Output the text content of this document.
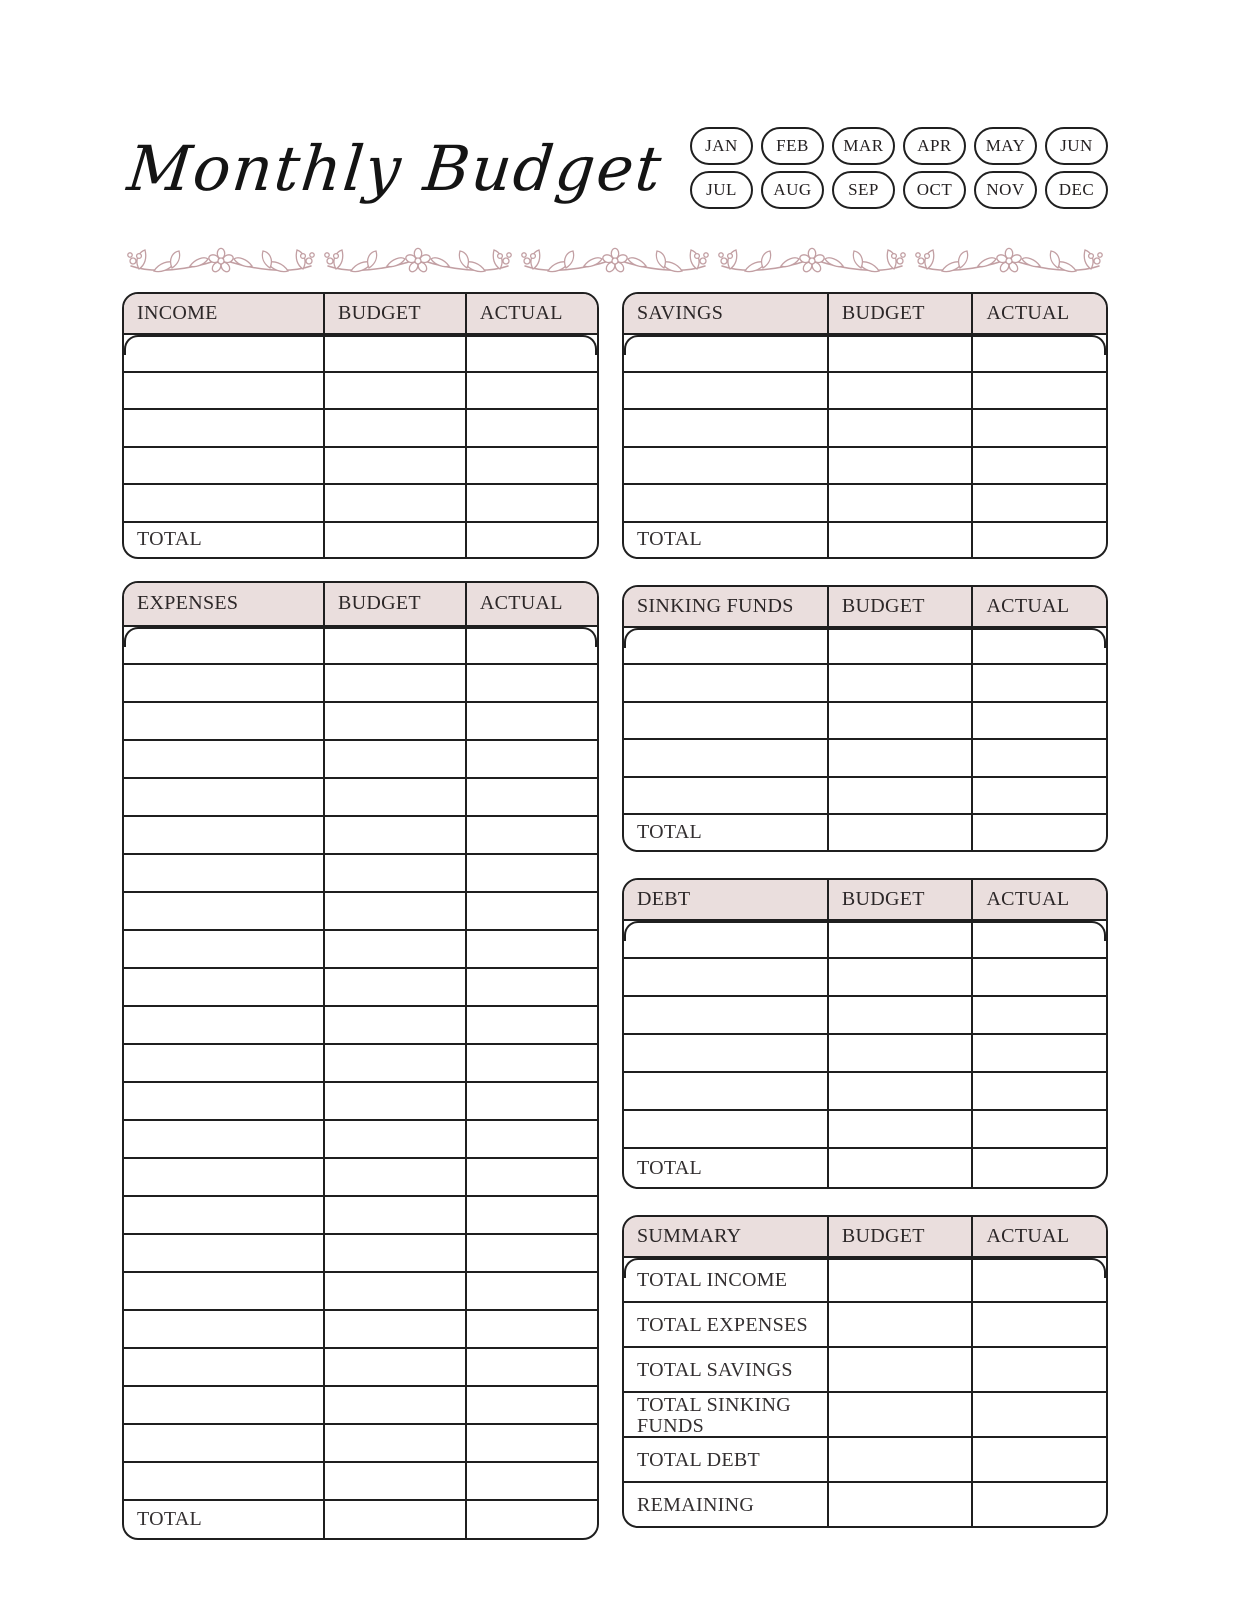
Monthly Budget	JAN	FEB	MAR	APR	MAY	JUN
JUL	AUG	SEP	OCT	NOV	DEC
INCOME	BUDGET	ACTUAL
TOTAL
EXPENSES	BUDGET	ACTUAL
TOTAL
SAVINGS	BUDGET	ACTUAL
TOTAL
SINKING FUNDS	BUDGET	ACTUAL
TOTAL
DEBT	BUDGET	ACTUAL
TOTAL
SUMMARY	BUDGET	ACTUAL
TOTAL INCOME
TOTAL EXPENSES
TOTAL SAVINGS
TOTAL SINKING FUNDS
TOTAL DEBT
REMAINING
